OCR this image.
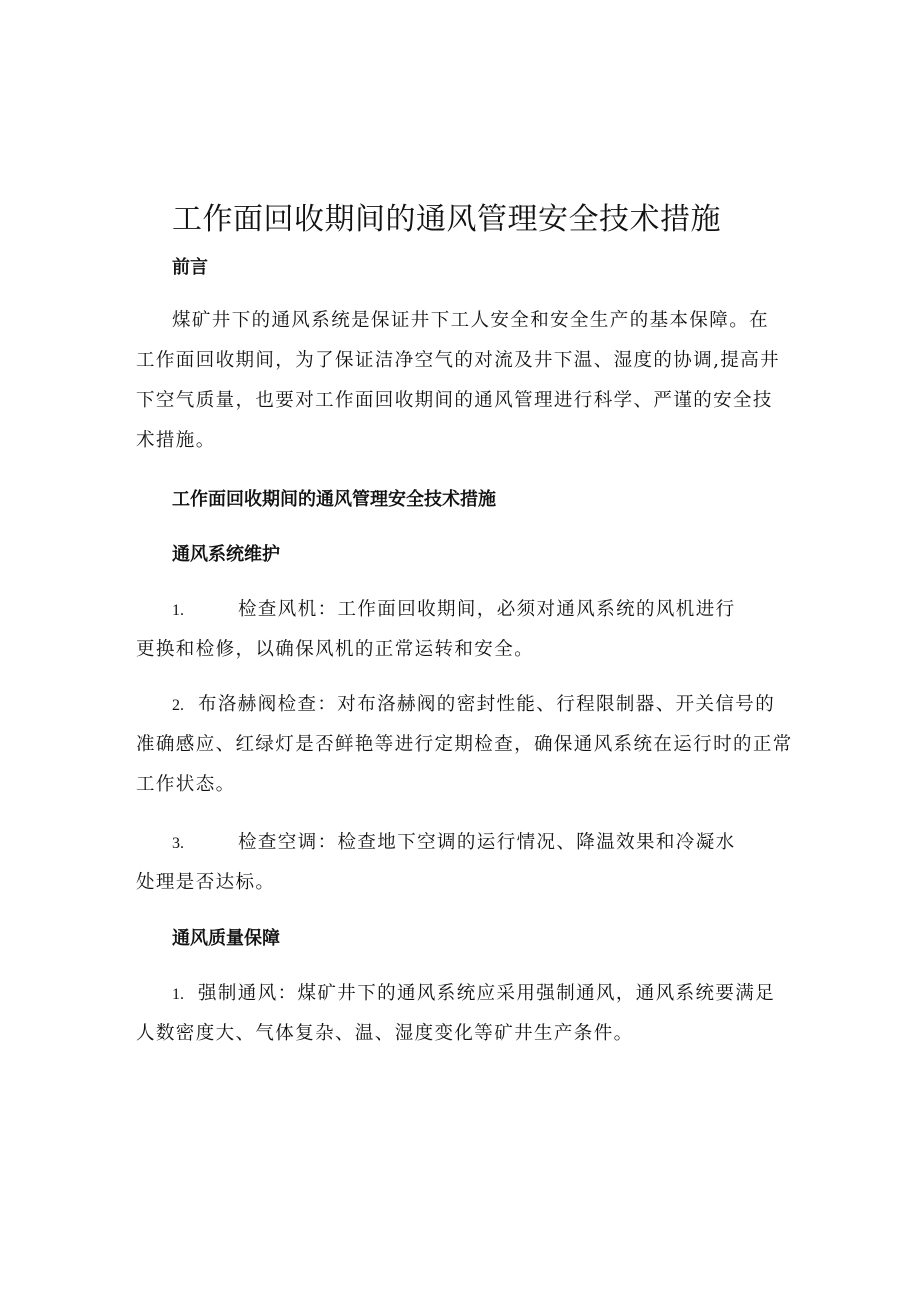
工作面回收期间的通风管理安全技术措施
前言
煤矿井下的通风系统是保证井下工人安全和安全生产的基本保障。在
工作面回收期间，为了保证洁净空气的对流及井下温、湿度的协调,提高井
下空气质量，也要对工作面回收期间的通风管理进行科学、严谨的安全技
术措施。
工作面回收期间的通风管理安全技术措施
通风系统维护
1.	检查风机：工作面回收期间，必须对通风系统的风机进行
更换和检修，以确保风机的正常运转和安全。
2. 布洛赫阀检查：对布洛赫阀的密封性能、行程限制器、开关信号的
准确感应、红绿灯是否鲜艳等进行定期检查，确保通风系统在运行时的正常
工作状态。
3.	检查空调：检查地下空调的运行情况、降温效果和冷凝水
处理是否达标。
通风质量保障
1. 强制通风：煤矿井下的通风系统应采用强制通风，通风系统要满足
人数密度大、气体复杂、温、湿度变化等矿井生产条件。
